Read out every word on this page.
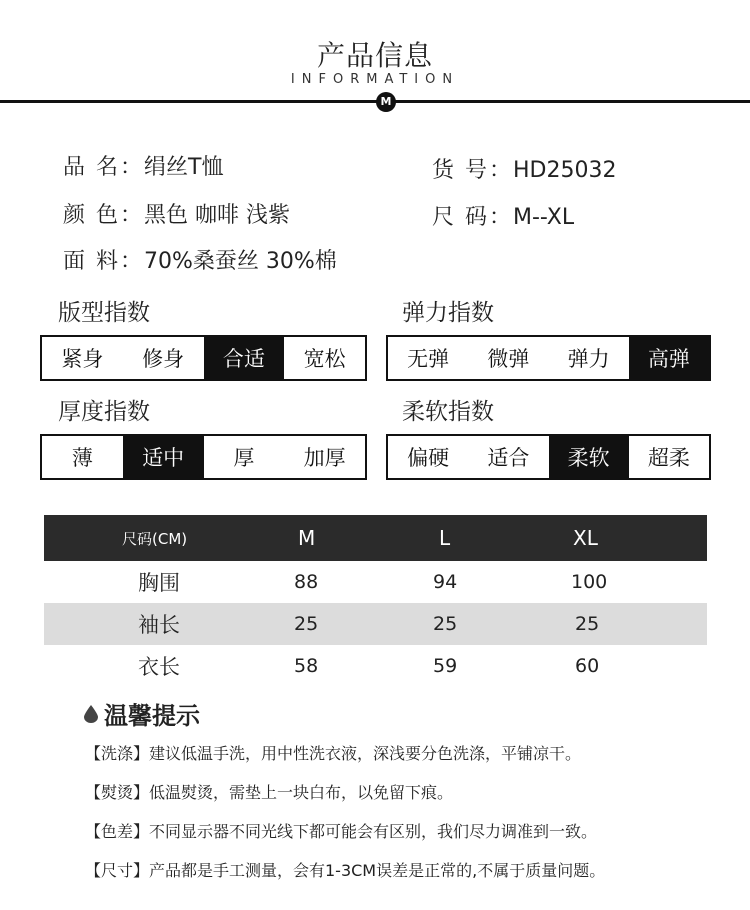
产品信息
INFORMATION
M
品 名：绢丝T恤	货 号：HD25032
颜 色：黑色 咖啡 浅紫	尺 码：M--XL
面 料：70%桑蚕丝 30%棉
版型指数
紧身	修身	合适	宽松
弹力指数
无弹	微弹	弹力	高弹
厚度指数
薄	适中	厚	加厚
柔软指数
偏硬	适合	柔软	超柔
尺码(CM)	M	L	XL
胸围	88	94	100
袖长	25	25	25
衣长	58	59	60
温馨提示
【洗涤】建议低温手洗，用中性洗衣液，深浅要分色洗涤，平铺凉干。
【熨烫】低温熨烫，需垫上一块白布，以免留下痕。
【色差】不同显示器不同光线下都可能会有区别，我们尽力调准到一致。
【尺寸】产品都是手工测量，会有1-3CM误差是正常的,不属于质量问题。
